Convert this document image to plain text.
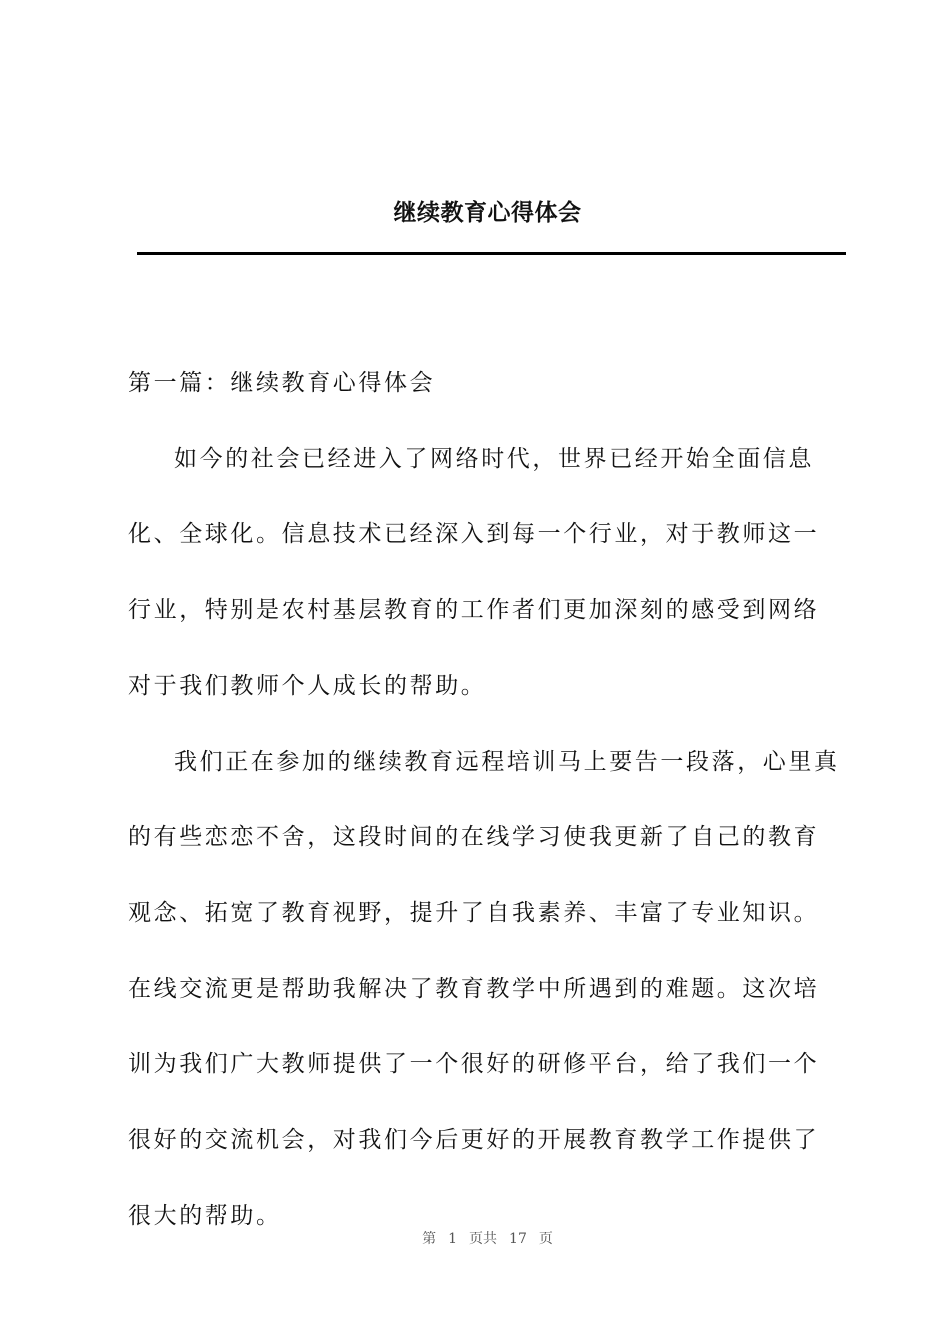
继续教育心得体会

第一篇：继续教育心得体会

如今的社会已经进入了网络时代，世界已经开始全面信息化、全球化。信息技术已经深入到每一个行业，对于教师这一行业，特别是农村基层教育的工作者们更加深刻的感受到网络对于我们教师个人成长的帮助。

我们正在参加的继续教育远程培训马上要告一段落，心里真的有些恋恋不舍，这段时间的在线学习使我更新了自己的教育观念、拓宽了教育视野，提升了自我素养、丰富了专业知识。在线交流更是帮助我解决了教育教学中所遇到的难题。这次培训为我们广大教师提供了一个很好的研修平台，给了我们一个很好的交流机会，对我们今后更好的开展教育教学工作提供了很大的帮助。

第 1 页共 17 页
